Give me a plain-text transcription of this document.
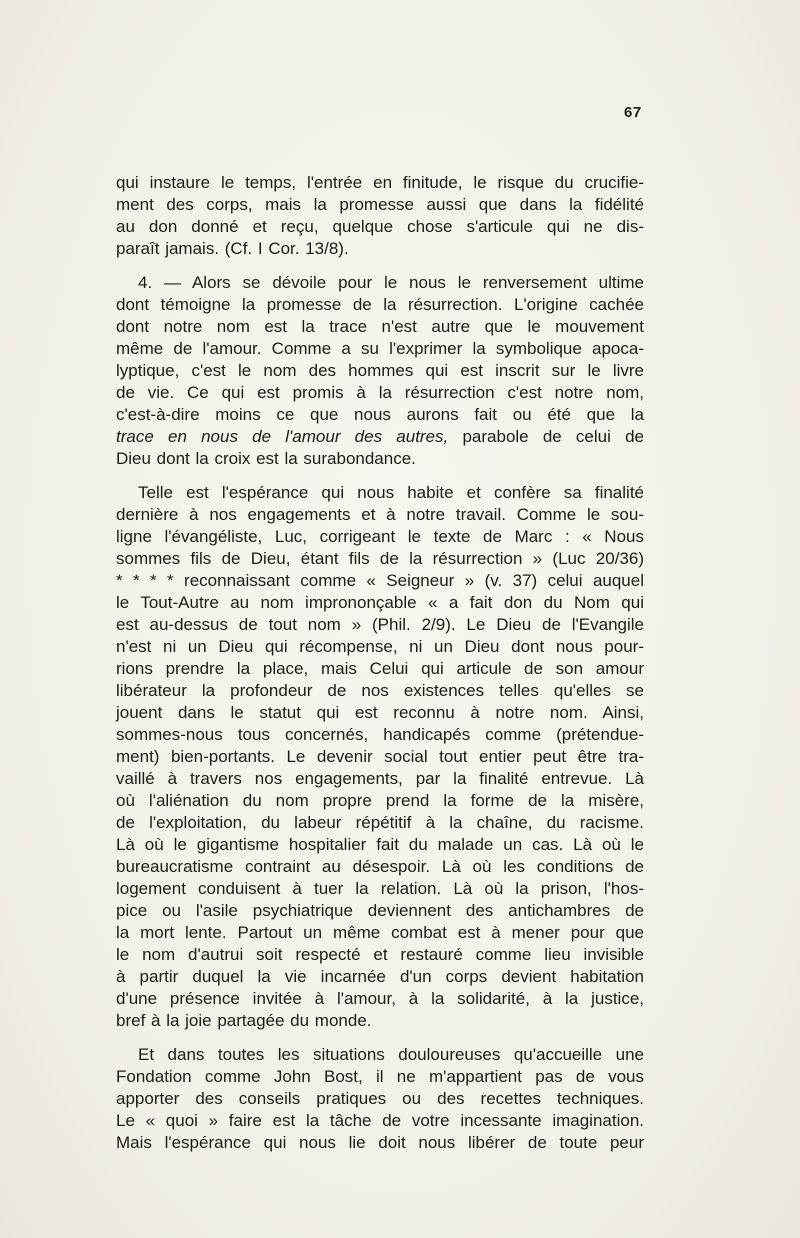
67
qui instaure le temps, l'entrée en finitude, le risque du crucifie-
ment des corps, mais la promesse aussi que dans la fidélité
au don donné et reçu, quelque chose s'articule qui ne dis-
paraît jamais. (Cf. I Cor. 13/8).
4. — Alors se dévoile pour le nous le renversement ultime
dont témoigne la promesse de la résurrection. L'origine cachée
dont notre nom est la trace n'est autre que le mouvement
même de l'amour. Comme a su l'exprimer la symbolique apoca-
lyptique, c'est le nom des hommes qui est inscrit sur le livre
de vie. Ce qui est promis à la résurrection c'est notre nom,
c'est-à-dire moins ce que nous aurons fait ou été que la
trace en nous de l'amour des autres, parabole de celui de
Dieu dont la croix est la surabondance.
Telle est l'espérance qui nous habite et confère sa finalité
dernière à nos engagements et à notre travail. Comme le sou-
ligne l'évangéliste, Luc, corrigeant le texte de Marc : « Nous
sommes fils de Dieu, étant fils de la résurrection » (Luc 20/36)
* * * * reconnaissant comme « Seigneur » (v. 37) celui auquel
le Tout-Autre au nom imprononçable « a fait don du Nom qui
est au-dessus de tout nom » (Phil. 2/9). Le Dieu de l'Evangile
n'est ni un Dieu qui récompense, ni un Dieu dont nous pour-
rions prendre la place, mais Celui qui articule de son amour
libérateur la profondeur de nos existences telles qu'elles se
jouent dans le statut qui est reconnu à notre nom. Ainsi,
sommes-nous tous concernés, handicapés comme (prétendue-
ment) bien-portants. Le devenir social tout entier peut être tra-
vaillé à travers nos engagements, par la finalité entrevue. Là
où l'aliénation du nom propre prend la forme de la misère,
de l'exploitation, du labeur répétitif à la chaîne, du racisme.
Là où le gigantisme hospitalier fait du malade un cas. Là où le
bureaucratisme contraint au désespoir. Là où les conditions de
logement conduisent à tuer la relation. Là où la prison, l'hos-
pice ou l'asile psychiatrique deviennent des antichambres de
la mort lente. Partout un même combat est à mener pour que
le nom d'autrui soit respecté et restauré comme lieu invisible
à partir duquel la vie incarnée d'un corps devient habitation
d'une présence invitée à l'amour, à la solidarité, à la justice,
bref à la joie partagée du monde.
Et dans toutes les situations douloureuses qu'accueille une
Fondation comme John Bost, il ne m'appartient pas de vous
apporter des conseils pratiques ou des recettes techniques.
Le « quoi » faire est la tâche de votre incessante imagination.
Mais l'espérance qui nous lie doit nous libérer de toute peur
